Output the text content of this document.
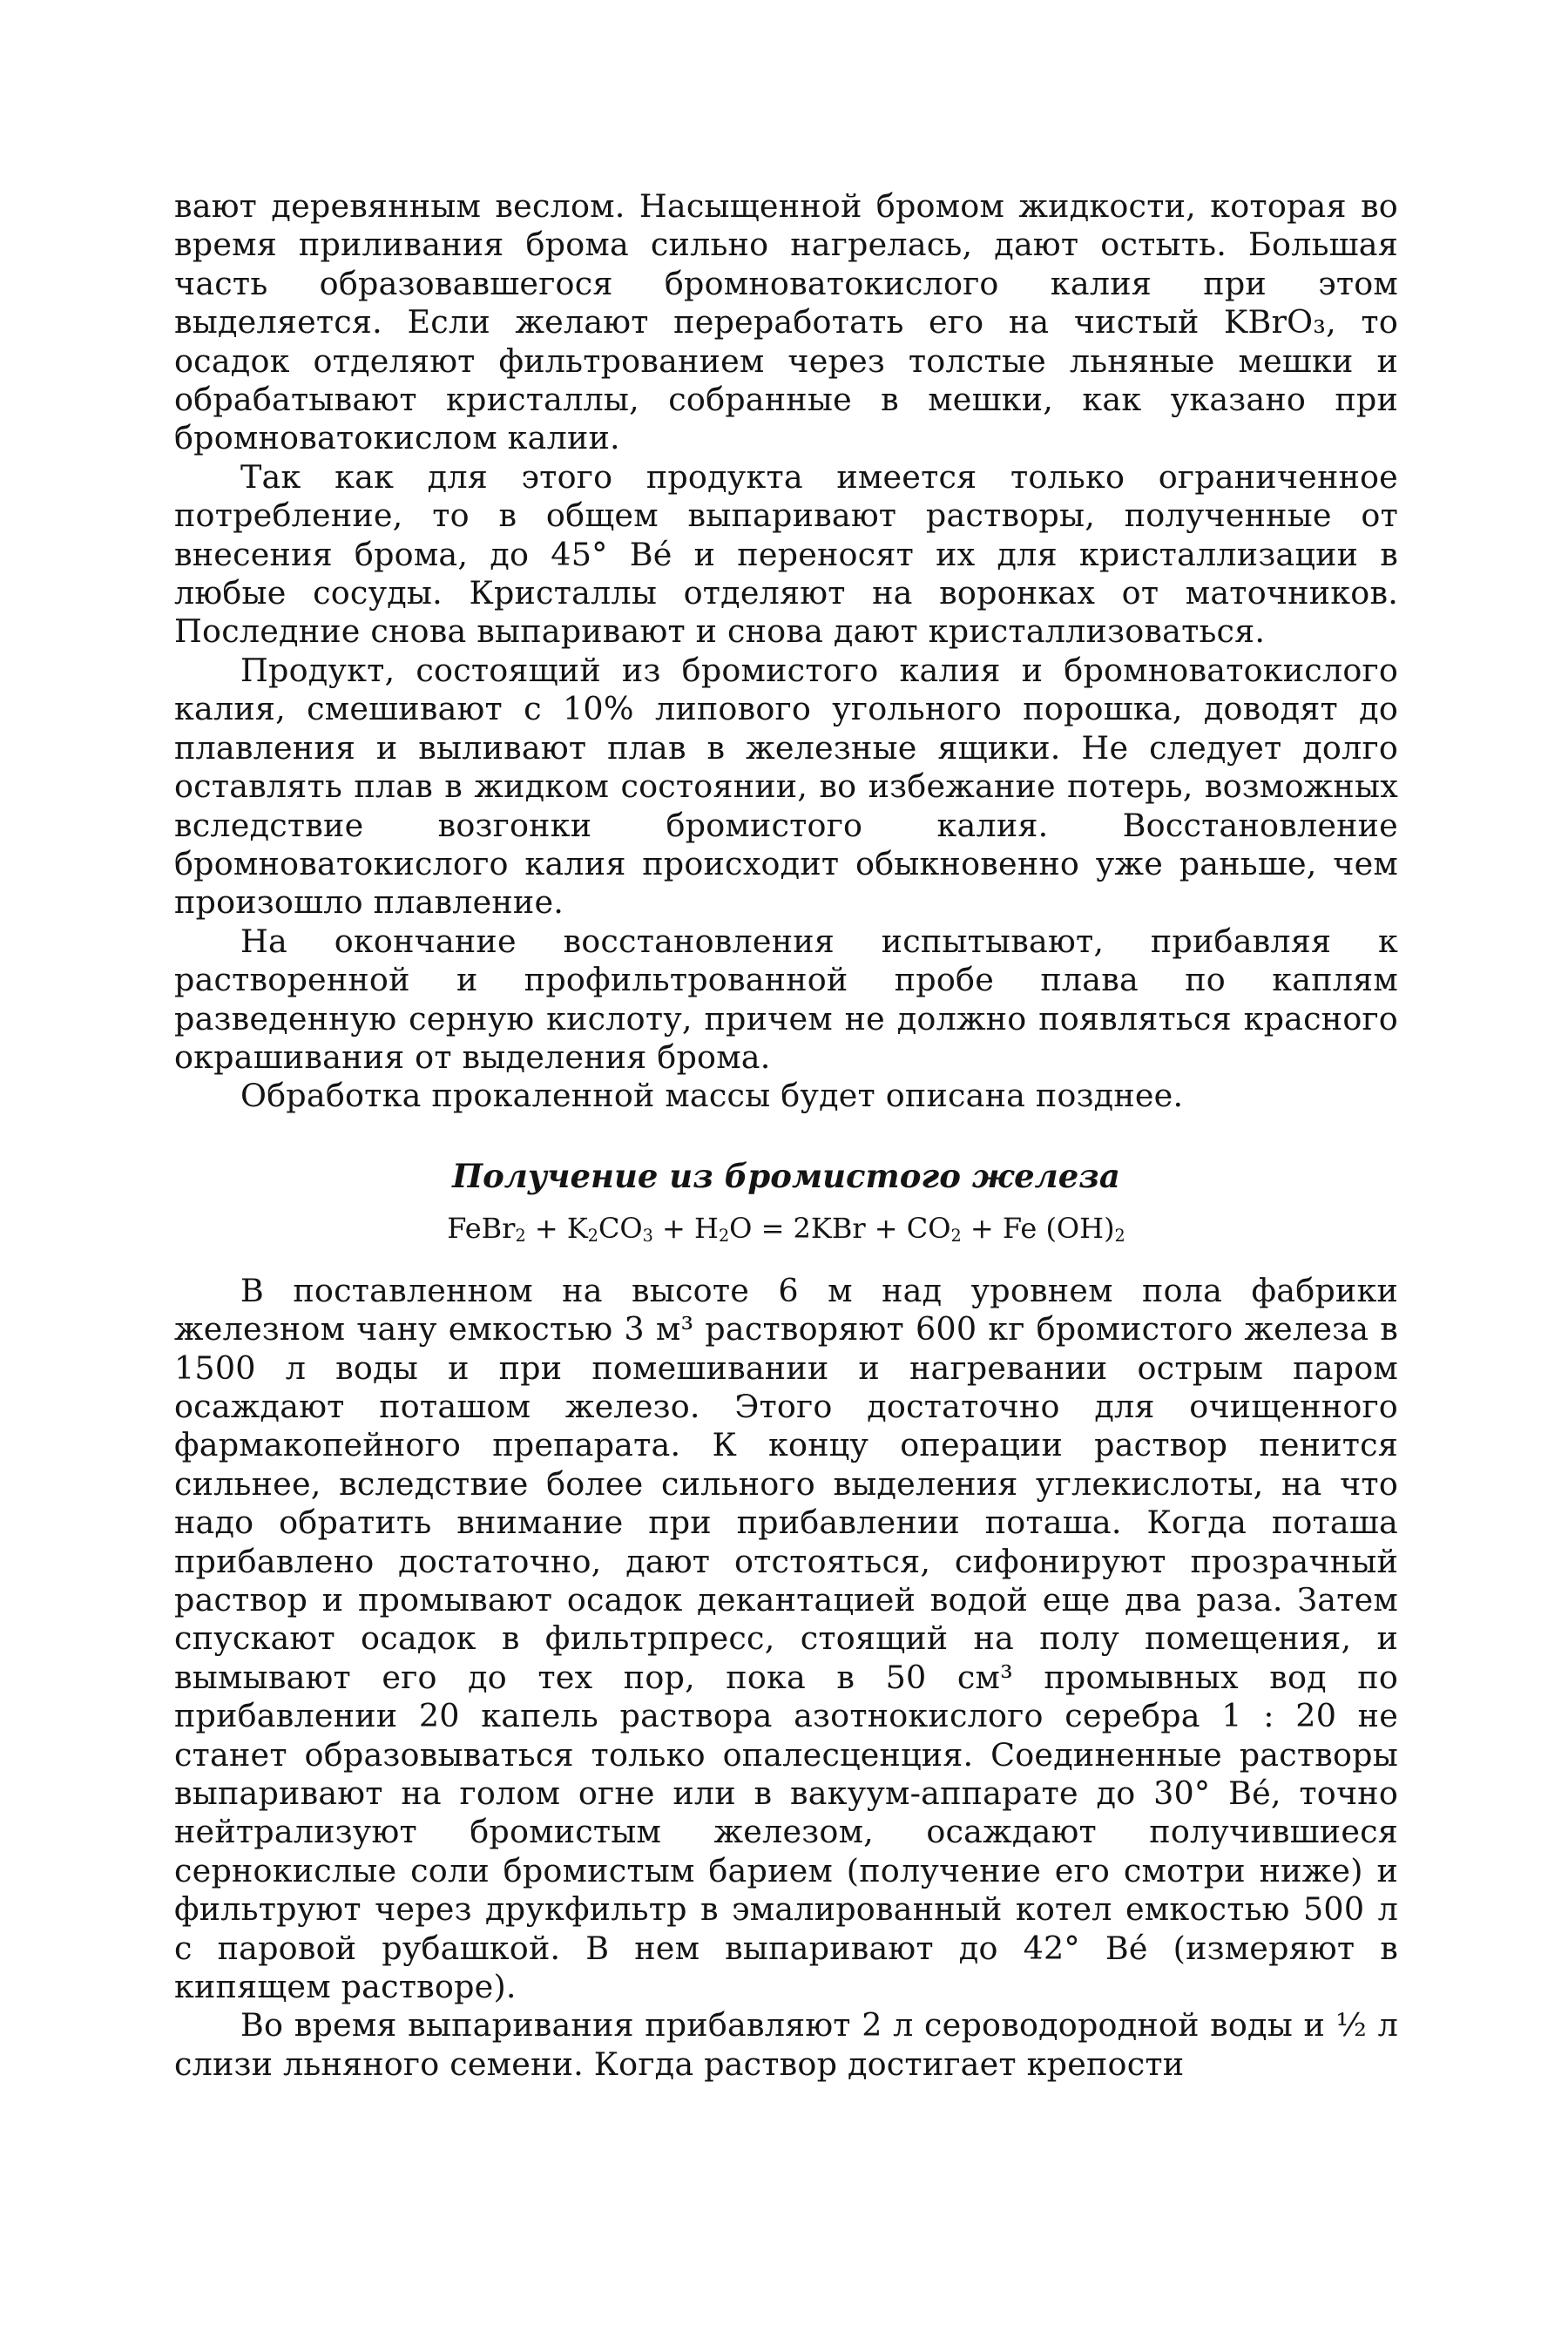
вают деревянным веслом. Насыщенной бромом жидкости, которая во время приливания брома сильно нагрелась, дают остыть. Большая часть образовавшегося бромноватокислого калия при этом выделяется. Если желают переработать его на чистый KBrO₃, то осадок отделяют фильтрованием через толстые льняные мешки и обрабатывают кристаллы, собранные в мешки, как указано при бромноватокислом калии.

Так как для этого продукта имеется только ограниченное потребление, то в общем выпаривают растворы, полученные от внесения брома, до 45° Bé и переносят их для кристаллизации в любые сосуды. Кристаллы отделяют на воронках от маточников. Последние снова выпаривают и снова дают кристаллизоваться.

Продукт, состоящий из бромистого калия и бромноватокислого калия, смешивают с 10% липового угольного порошка, доводят до плавления и выливают плав в железные ящики. Не следует долго оставлять плав в жидком состоянии, во избежание потерь, возможных вследствие возгонки бромистого калия. Восстановление бромноватокислого калия происходит обыкновенно уже раньше, чем произошло плавление.

На окончание восстановления испытывают, прибавляя к растворенной и профильтрованной пробе плава по каплям разведенную серную кислоту, причем не должно появляться красного окрашивания от выделения брома.

Обработка прокаленной массы будет описана позднее.

Получение из бромистого железа
FeBr$_2$ + $K_2CO_3 + H_2O = 2KBr + CO_2 + Fe$ $(OH)_2$

В поставленном на высоте 6 м над уровнем пола фабрики железном чану емкостью 3 м³ растворяют 600 кг бромистого железа в 1500 л воды и при помешивании и нагревании острым паром осаждают поташом железо. Этого достаточно для очищенного фармакопейного препарата. К концу операции раствор пенится сильнее, вследствие более сильного выделения углекислоты, на что надо обратить внимание при прибавлении поташа. Когда поташа прибавлено достаточно, дают отстояться, сифонируют прозрачный раствор и промывают осадок декантацией водой еще два раза. Затем спускают осадок в фильтрпресс, стоящий на полу помещения, и вымывают его до тех пор, пока в 50 см³ промывных вод по прибавлении 20 капель раствора азотнокислого серебра 1 : 20 не станет образовываться только опалесценция. Соединенные растворы выпаривают на голом огне или в вакуум-аппарате до 30° Bé, точно нейтрализуют бромистым железом, осаждают получившиеся сернокислые соли бромистым барием (получение его смотри ниже) и фильтруют через друкфильтр в эмалированный котел емкостью 500 л с паровой рубашкой. В нем выпаривают до 42° Bé (измеряют в кипящем растворе).

Во время выпаривания прибавляют 2 л сероводородной воды и ½ л слизи льняного семени. Когда раствор достигает крепости
